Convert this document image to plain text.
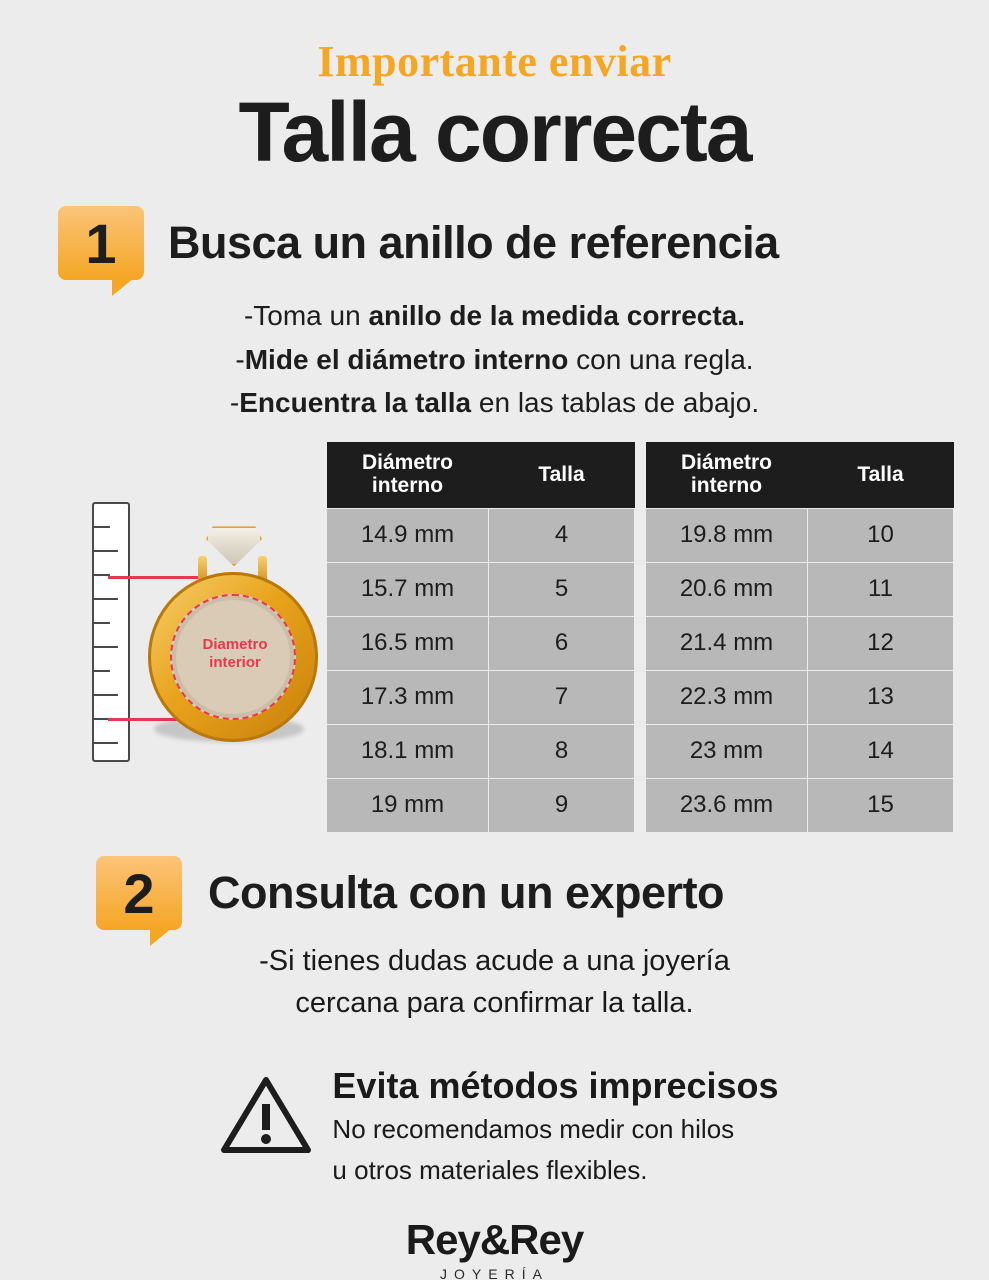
Importante enviar
Talla correcta
1	Busca un anillo de referencia
-Toma un anillo de la medida correcta.
-Mide el diámetro interno con una regla.
-Encuentra la talla en las tablas de abajo.
Diametro
interior
Diámetro interno	Talla
14.9 mm	4
15.7 mm	5
16.5 mm	6
17.3 mm	7
18.1 mm	8
19 mm	9
Diámetro interno	Talla
19.8 mm	10
20.6 mm	11
21.4 mm	12
22.3 mm	13
23 mm	14
23.6 mm	15
2	Consulta con un experto
-Si tienes dudas acude a una joyería
cercana para confirmar la talla.
Evita métodos imprecisos
No recomendamos medir con hilos
u otros materiales flexibles.
Rey&Rey
JOYERÍA
